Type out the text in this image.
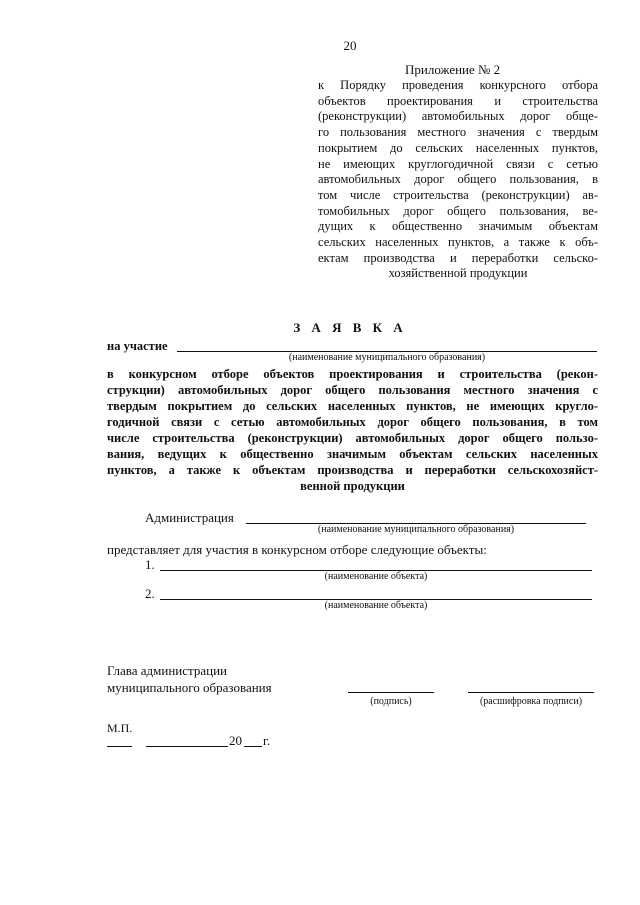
20
Приложение № 2
к Порядку проведения конкурсного отбора
объектов проектирования и строительства
(реконструкции) автомобильных дорог обще-
го пользования местного значения с твердым
покрытием до сельских населенных пунктов,
не имеющих круглогодичной связи с сетью
автомобильных дорог общего пользования, в
том числе строительства (реконструкции) ав-
томобильных дорог общего пользования, ве-
дущих к общественно значимым объектам
сельских населенных пунктов, а также к объ-
ектам производства и переработки сельско-
хозяйственной продукции
З А Я В К А
на участие
(наименование муниципального образования)
в конкурсном отборе объектов проектирования и строительства (рекон-
струкции) автомобильных дорог общего пользования местного значения с
твердым покрытием до сельских населенных пунктов, не имеющих кругло-
годичной связи с сетью автомобильных дорог общего пользования, в том
числе строительства (реконструкции) автомобильных дорог общего пользо-
вания, ведущих к общественно значимым объектам сельских населенных
пунктов, а также к объектам производства и переработки сельскохозяйст-
венной продукции
Администрация
(наименование муниципального образования)
представляет для участия в конкурсном отборе следующие объекты:
1.
(наименование объекта)
2.
(наименование объекта)
Глава администрации
муниципального образования
(подпись)	(расшифровка подписи)
М.П.
20 г.
